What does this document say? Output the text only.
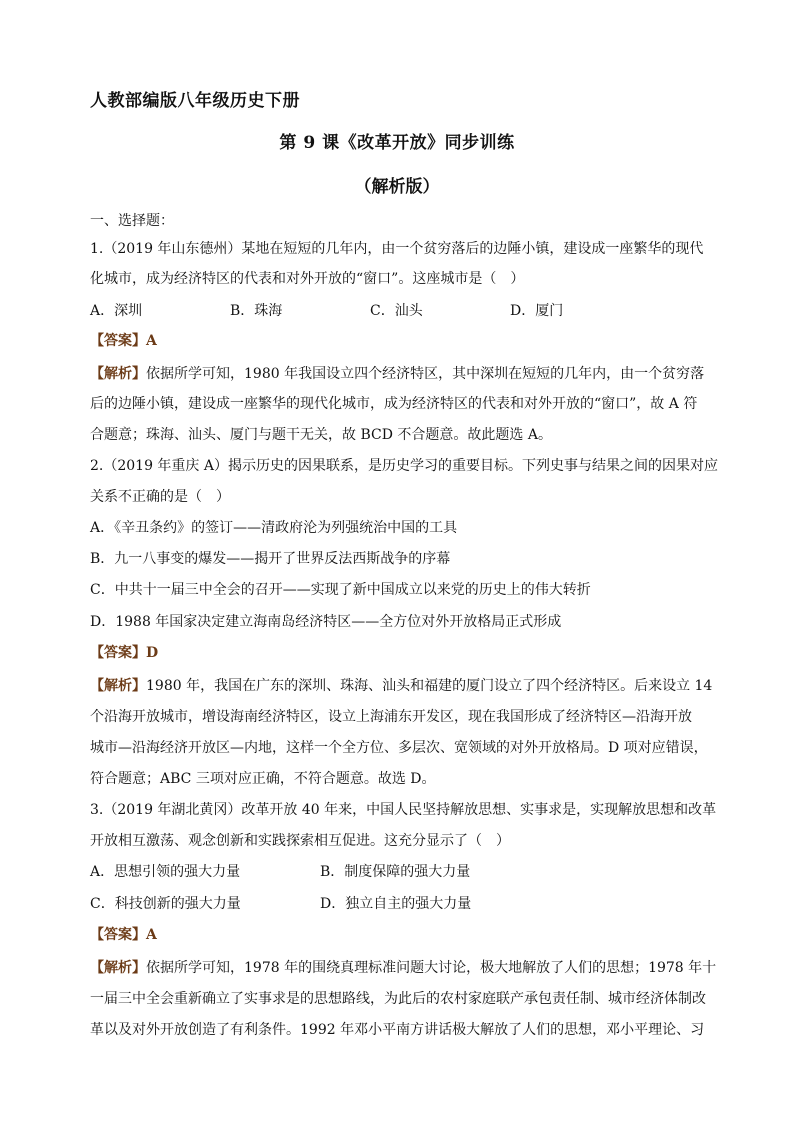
人教部编版八年级历史下册
第 9 课《改革开放》同步训练
（解析版）
一、选择题：
1.（2019 年山东德州）某地在短短的几年内，由一个贫穷落后的边陲小镇，建设成一座繁华的现代
化城市，成为经济特区的代表和对外开放的“窗口”。这座城市是（　）
A．深圳	B．珠海	C．汕头	D．厦门
【答案】A
【解析】依据所学可知，1980 年我国设立四个经济特区，其中深圳在短短的几年内，由一个贫穷落
后的边陲小镇，建设成一座繁华的现代化城市，成为经济特区的代表和对外开放的“窗口”，故 A 符
合题意；珠海、汕头、厦门与题干无关，故 BCD 不合题意。故此题选 A。
2.（2019 年重庆 A）揭示历史的因果联系，是历史学习的重要目标。下列史事与结果之间的因果对应
关系不正确的是（　）
A．《辛丑条约》的签订——清政府沦为列强统治中国的工具
B．九一八事变的爆发——揭开了世界反法西斯战争的序幕
C．中共十一届三中全会的召开——实现了新中国成立以来党的历史上的伟大转折
D．1988 年国家决定建立海南岛经济特区——全方位对外开放格局正式形成
【答案】D
【解析】1980 年，我国在广东的深圳、珠海、汕头和福建的厦门设立了四个经济特区。后来设立 14
个沿海开放城市，增设海南经济特区，设立上海浦东开发区，现在我国形成了经济特区—沿海开放
城市—沿海经济开放区—内地，这样一个全方位、多层次、宽领域的对外开放格局。D 项对应错误，
符合题意；ABC 三项对应正确，不符合题意。故选 D。
3.（2019 年湖北黄冈）改革开放 40 年来，中国人民坚持解放思想、实事求是，实现解放思想和改革
开放相互激荡、观念创新和实践探索相互促进。这充分显示了（　）
A．思想引领的强大力量	B．制度保障的强大力量
C．科技创新的强大力量	D．独立自主的强大力量
【答案】A
【解析】依据所学可知，1978 年的围绕真理标准问题大讨论，极大地解放了人们的思想；1978 年十
一届三中全会重新确立了实事求是的思想路线，为此后的农村家庭联产承包责任制、城市经济体制改
革以及对外开放创造了有利条件。1992 年邓小平南方讲话极大解放了人们的思想，邓小平理论、习
